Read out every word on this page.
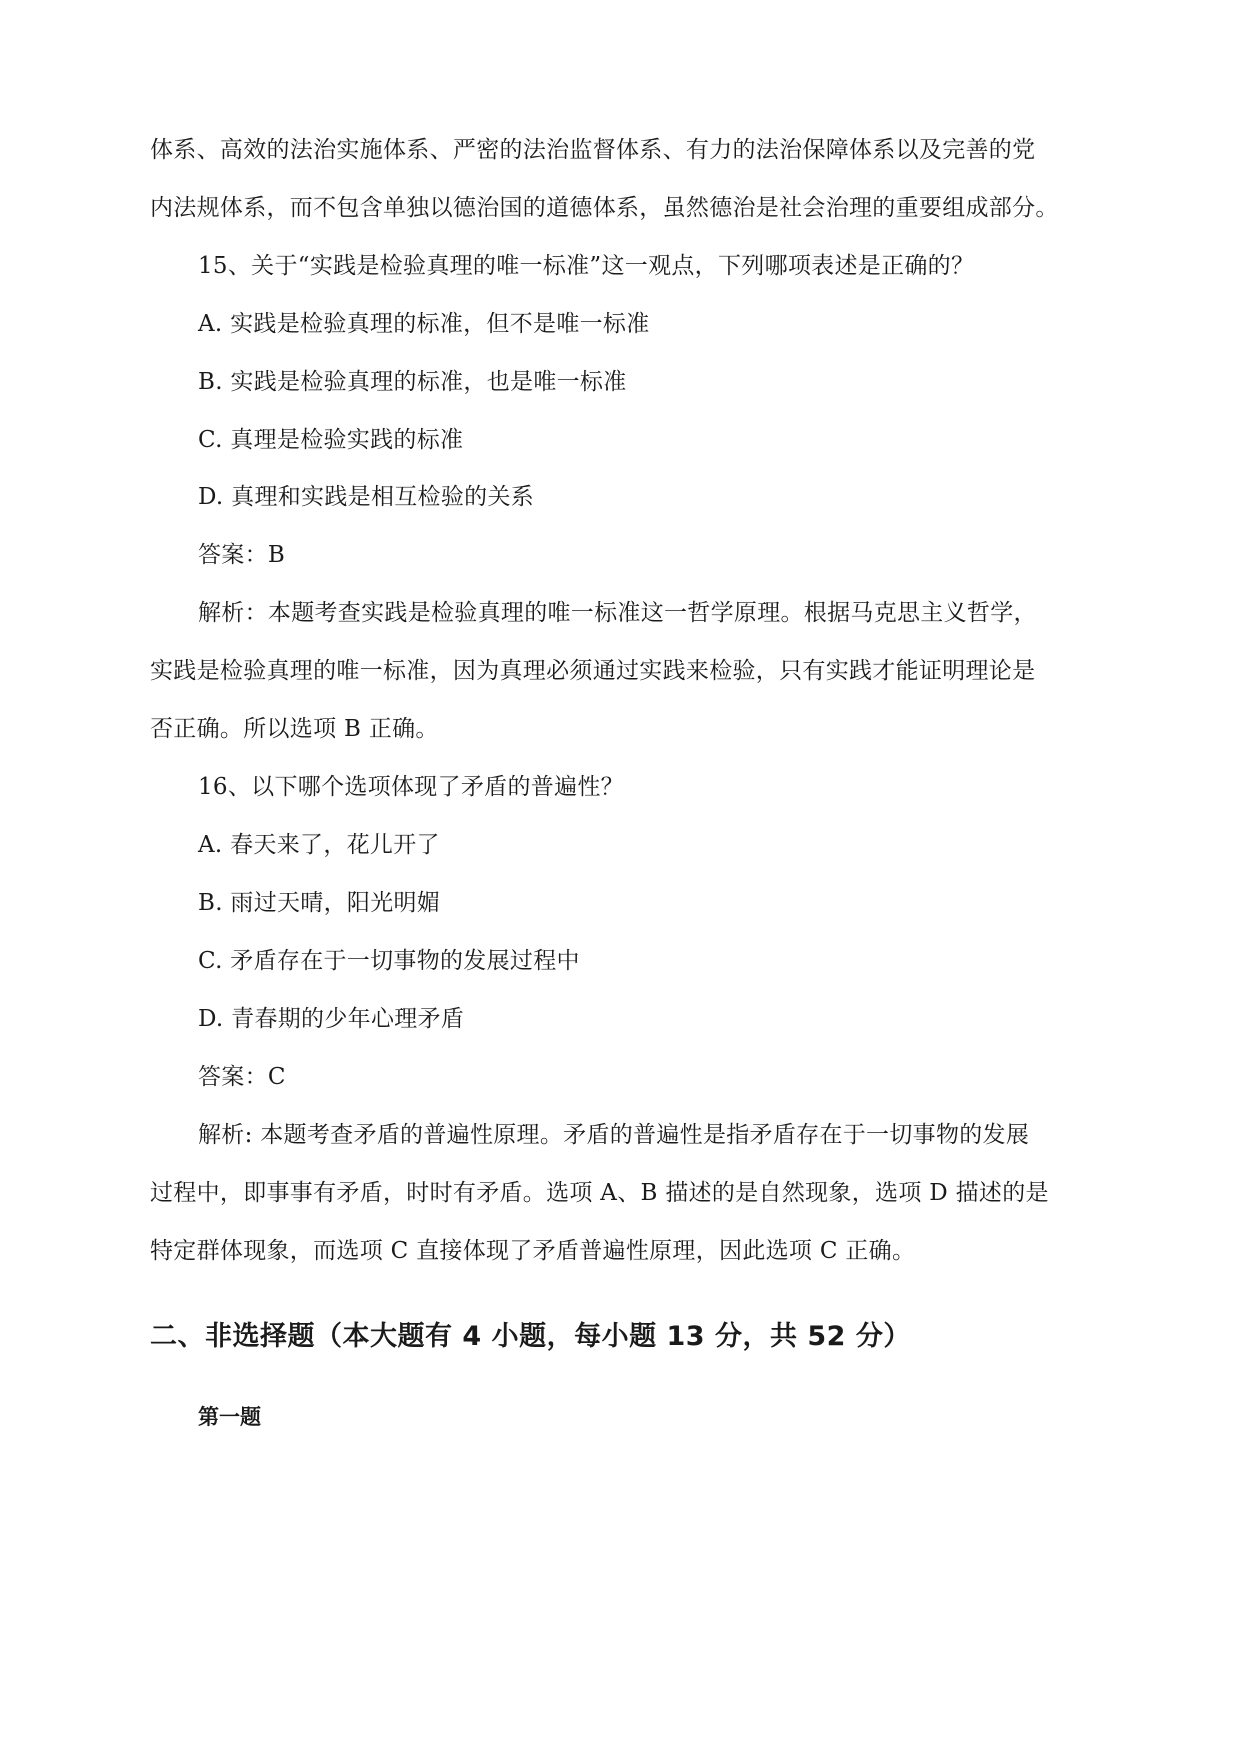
体系、高效的法治实施体系、严密的法治监督体系、有力的法治保障体系以及完善的党
内法规体系，而不包含单独以德治国的道德体系，虽然德治是社会治理的重要组成部分。
15、关于“实践是检验真理的唯一标准”这一观点，下列哪项表述是正确的？
A. 实践是检验真理的标准，但不是唯一标准
B. 实践是检验真理的标准，也是唯一标准
C. 真理是检验实践的标准
D. 真理和实践是相互检验的关系
答案：B
解析：本题考查实践是检验真理的唯一标准这一哲学原理。根据马克思主义哲学，
实践是检验真理的唯一标准，因为真理必须通过实践来检验，只有实践才能证明理论是
否正确。所以选项 B 正确。
16、以下哪个选项体现了矛盾的普遍性？
A. 春天来了，花儿开了
B. 雨过天晴，阳光明媚
C. 矛盾存在于一切事物的发展过程中
D. 青春期的少年心理矛盾
答案：C
解析: 本题考查矛盾的普遍性原理。矛盾的普遍性是指矛盾存在于一切事物的发展
过程中，即事事有矛盾，时时有矛盾。选项 A、B 描述的是自然现象，选项 D 描述的是
特定群体现象，而选项 C 直接体现了矛盾普遍性原理，因此选项 C 正确。
二、非选择题（本大题有 4 小题，每小题 13 分，共 52 分）
第一题
